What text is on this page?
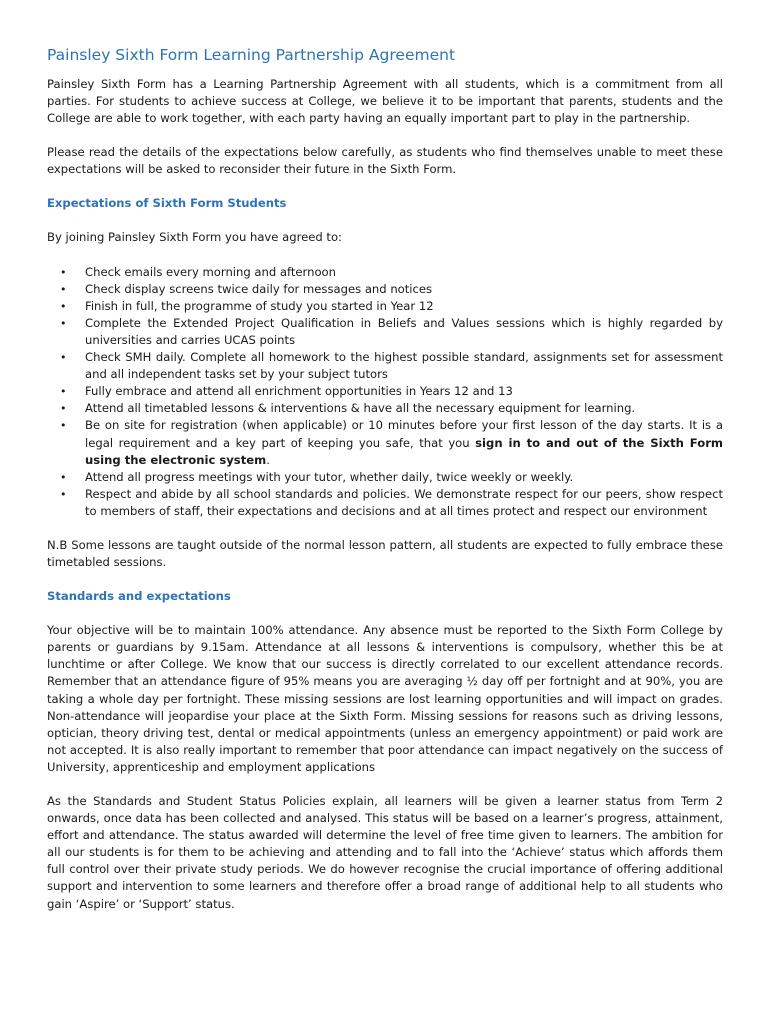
Painsley Sixth Form Learning Partnership Agreement

Painsley Sixth Form has a Learning Partnership Agreement with all students, which is a commitment from all parties. For students to achieve success at College, we believe it to be important that parents, students and the College are able to work together, with each party having an equally important part to play in the partnership.

Please read the details of the expectations below carefully, as students who find themselves unable to meet these expectations will be asked to reconsider their future in the Sixth Form.

Expectations of Sixth Form Students

By joining Painsley Sixth Form you have agreed to:

• Check emails every morning and afternoon
• Check display screens twice daily for messages and notices
• Finish in full, the programme of study you started in Year 12
• Complete the Extended Project Qualification in Beliefs and Values sessions which is highly regarded by universities and carries UCAS points
• Check SMH daily. Complete all homework to the highest possible standard, assignments set for assessment and all independent tasks set by your subject tutors
• Fully embrace and attend all enrichment opportunities in Years 12 and 13
• Attend all timetabled lessons & interventions & have all the necessary equipment for learning.
• Be on site for registration (when applicable) or 10 minutes before your first lesson of the day starts. It is a legal requirement and a key part of keeping you safe, that you sign in to and out of the Sixth Form using the electronic system.
• Attend all progress meetings with your tutor, whether daily, twice weekly or weekly.
• Respect and abide by all school standards and policies. We demonstrate respect for our peers, show respect to members of staff, their expectations and decisions and at all times protect and respect our environment

N.B Some lessons are taught outside of the normal lesson pattern, all students are expected to fully embrace these timetabled sessions.

Standards and expectations

Your objective will be to maintain 100% attendance. Any absence must be reported to the Sixth Form College by parents or guardians by 9.15am. Attendance at all lessons & interventions is compulsory, whether this be at lunchtime or after College. We know that our success is directly correlated to our excellent attendance records. Remember that an attendance figure of 95% means you are averaging ½ day off per fortnight and at 90%, you are taking a whole day per fortnight. These missing sessions are lost learning opportunities and will impact on grades. Non-attendance will jeopardise your place at the Sixth Form. Missing sessions for reasons such as driving lessons, optician, theory driving test, dental or medical appointments (unless an emergency appointment) or paid work are not accepted. It is also really important to remember that poor attendance can impact negatively on the success of University, apprenticeship and employment applications

As the Standards and Student Status Policies explain, all learners will be given a learner status from Term 2 onwards, once data has been collected and analysed. This status will be based on a learner’s progress, attainment, effort and attendance. The status awarded will determine the level of free time given to learners. The ambition for all our students is for them to be achieving and attending and to fall into the ‘Achieve’ status which affords them full control over their private study periods. We do however recognise the crucial importance of offering additional support and intervention to some learners and therefore offer a broad range of additional help to all students who gain ‘Aspire’ or ‘Support’ status.
